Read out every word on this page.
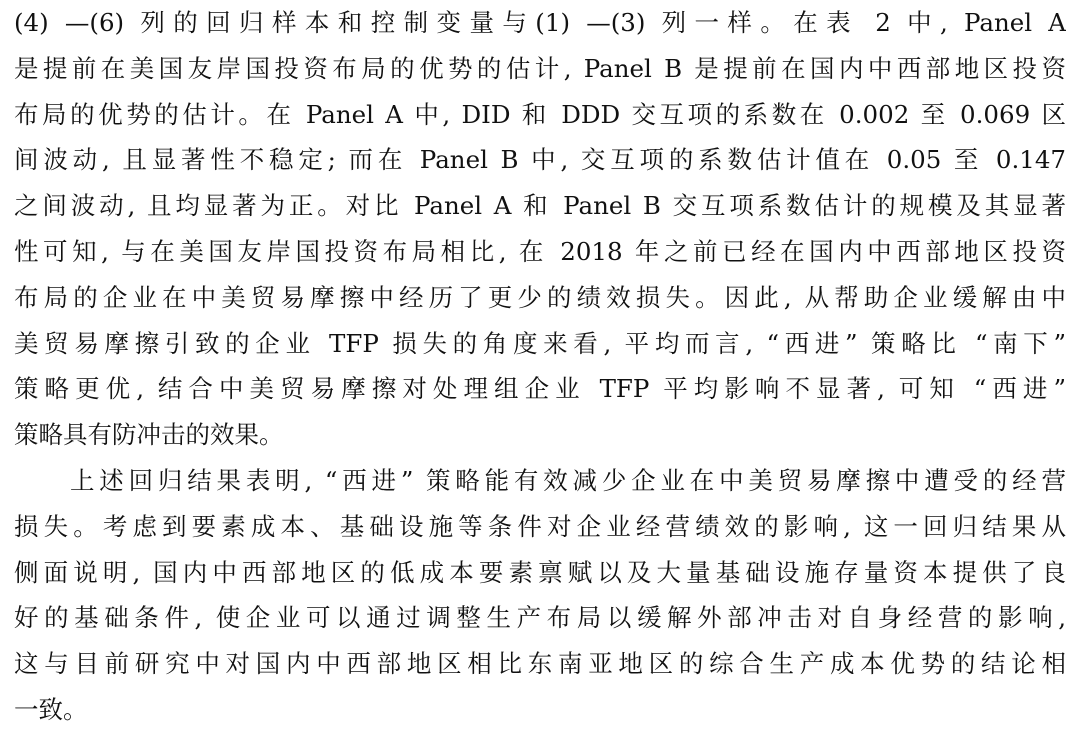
(4) —(6) 列的回归样本和控制变量与(1) —(3) 列一样。在表 2 中, Panel A
是提前在美国友岸国投资布局的优势的估计, Panel B 是提前在国内中西部地区投资
布局的优势的估计。在 Panel A 中, DID 和 DDD 交互项的系数在 0.002 至 0.069 区
间波动, 且显著性不稳定; 而在 Panel B 中, 交互项的系数估计值在 0.05 至 0.147
之间波动, 且均显著为正。对比 Panel A 和 Panel B 交互项系数估计的规模及其显著
性可知, 与在美国友岸国投资布局相比, 在 2018 年之前已经在国内中西部地区投资
布局的企业在中美贸易摩擦中经历了更少的绩效损失。因此, 从帮助企业缓解由中
美贸易摩擦引致的企业 TFP 损失的角度来看, 平均而言, “西进” 策略比 “南下”
策略更优, 结合中美贸易摩擦对处理组企业 TFP 平均影响不显著, 可知 “西进”
策略具有防冲击的效果。
上述回归结果表明, “西进” 策略能有效减少企业在中美贸易摩擦中遭受的经营
损失。考虑到要素成本、基础设施等条件对企业经营绩效的影响, 这一回归结果从
侧面说明, 国内中西部地区的低成本要素禀赋以及大量基础设施存量资本提供了良
好的基础条件, 使企业可以通过调整生产布局以缓解外部冲击对自身经营的影响,
这与目前研究中对国内中西部地区相比东南亚地区的综合生产成本优势的结论相
一致。
